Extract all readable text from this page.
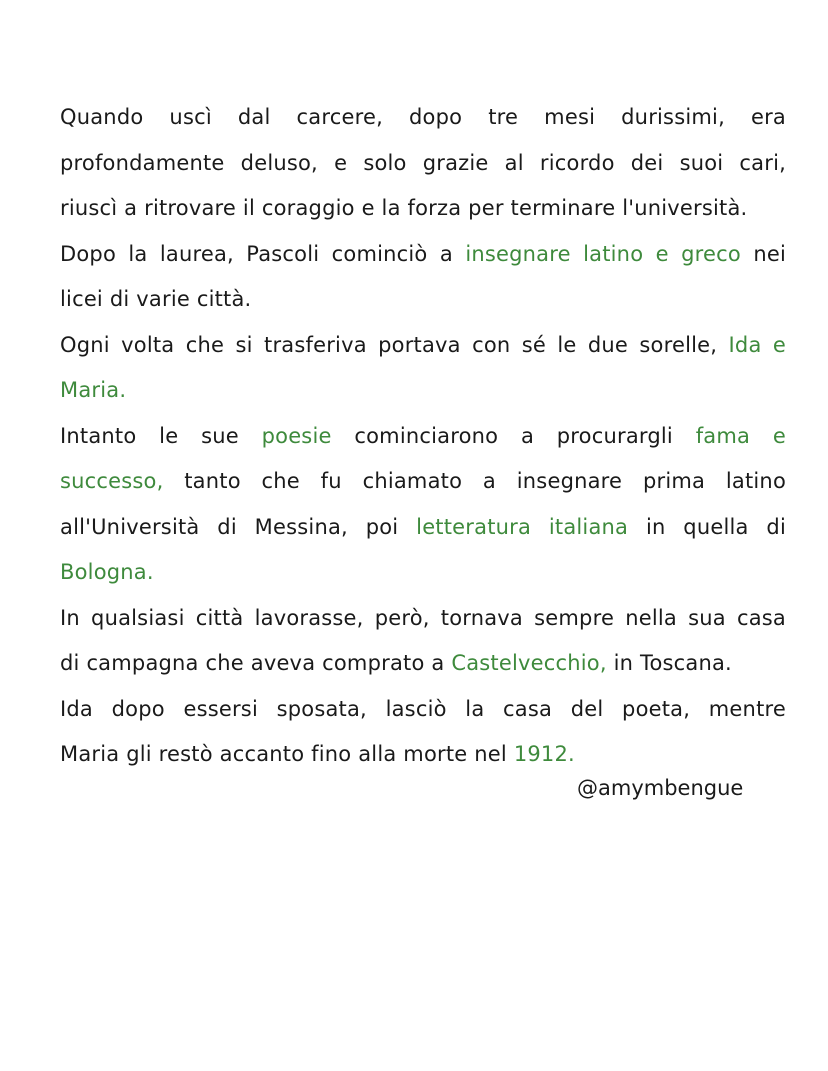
Quando uscì dal carcere, dopo tre mesi durissimi, era

profondamente deluso, e solo grazie al ricordo dei suoi cari,

riuscì a ritrovare il coraggio e la forza per terminare l'università.

Dopo la laurea, Pascoli cominciò a insegnare latino e greco nei

licei di varie città.

Ogni volta che si trasferiva portava con sé le due sorelle, Ida e

Maria.

Intanto le sue poesie cominciarono a procurargli fama e

successo, tanto che fu chiamato a insegnare prima latino

all'Università di Messina, poi letteratura italiana in quella di

Bologna.

In qualsiasi città lavorasse, però, tornava sempre nella sua casa

di campagna che aveva comprato a Castelvecchio, in Toscana.

Ida dopo essersi sposata, lasciò la casa del poeta, mentre

Maria gli restò accanto fino alla morte nel 1912.

@amymbengue
